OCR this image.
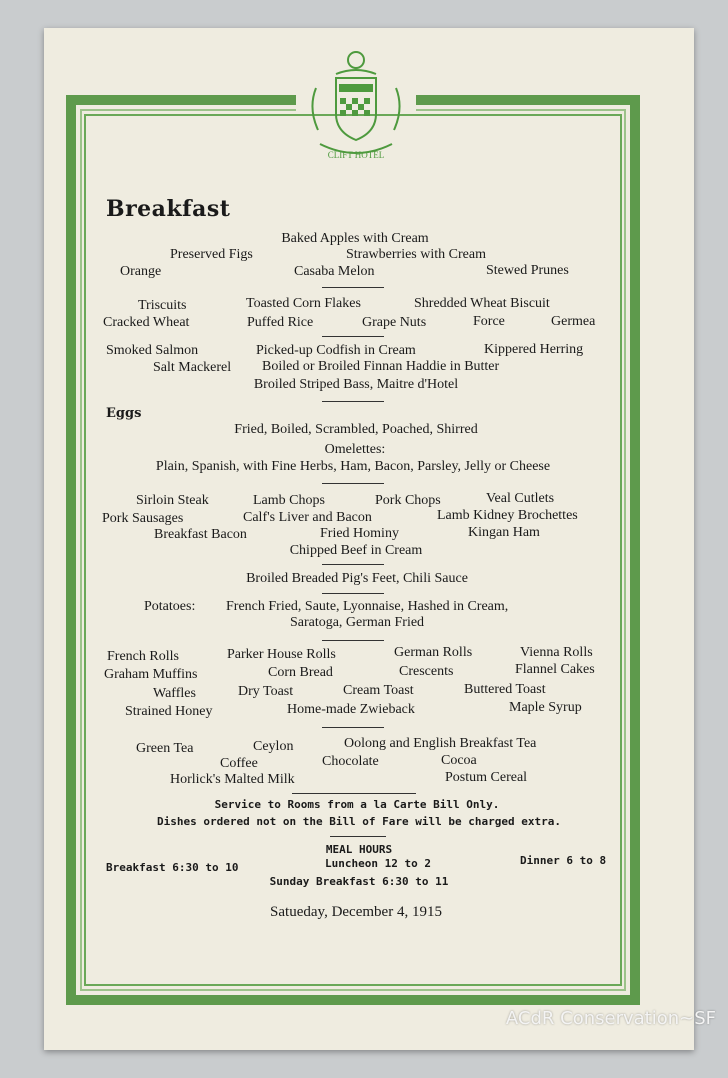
CLIFT HOTEL
Breakfast
Baked Apples with Cream
Preserved Figs	Strawberries with Cream
Orange	Casaba Melon	Stewed Prunes
Triscuits	Toasted Corn Flakes	Shredded Wheat Biscuit
Cracked Wheat	Puffed Rice	Grape Nuts	Force	Germea
Smoked Salmon	Picked-up Codfish in Cream	Kippered Herring
Salt Mackerel Boiled or Broiled Finnan Haddie in Butter
Broiled Striped Bass, Maitre d'Hotel
Eggs
Fried, Boiled, Scrambled, Poached, Shirred
Omelettes:
Plain, Spanish, with Fine Herbs, Ham, Bacon, Parsley, Jelly or Cheese
Sirloin Steak	Lamb Chops	Pork Chops	Veal Cutlets
Pork Sausages	Calf's Liver and Bacon	Lamb Kidney Brochettes
Breakfast Bacon	Fried Hominy	Kingan Ham
Chipped Beef in Cream
Broiled Breaded Pig's Feet, Chili Sauce
Potatoes: French Fried, Saute, Lyonnaise, Hashed in Cream,
Saratoga, German Fried
French Rolls	Parker House Rolls	German Rolls	Vienna Rolls
Graham Muffins	Corn Bread	Crescents	Flannel Cakes
Waffles	Dry Toast	Cream Toast	Buttered Toast
Strained Honey	Home-made Zwieback	Maple Syrup
Green Tea	Ceylon	Oolong and English Breakfast Tea
Coffee	Chocolate	Cocoa
Horlick's Malted Milk	Postum Cereal
Service to Rooms from a la Carte Bill Only.
Dishes ordered not on the Bill of Fare will be charged extra.
MEAL HOURS
Breakfast 6:30 to 10	Luncheon 12 to 2	Dinner 6 to 8
Sunday Breakfast 6:30 to 11
Satueday, December 4, 1915
ACdR Conservation~SF
